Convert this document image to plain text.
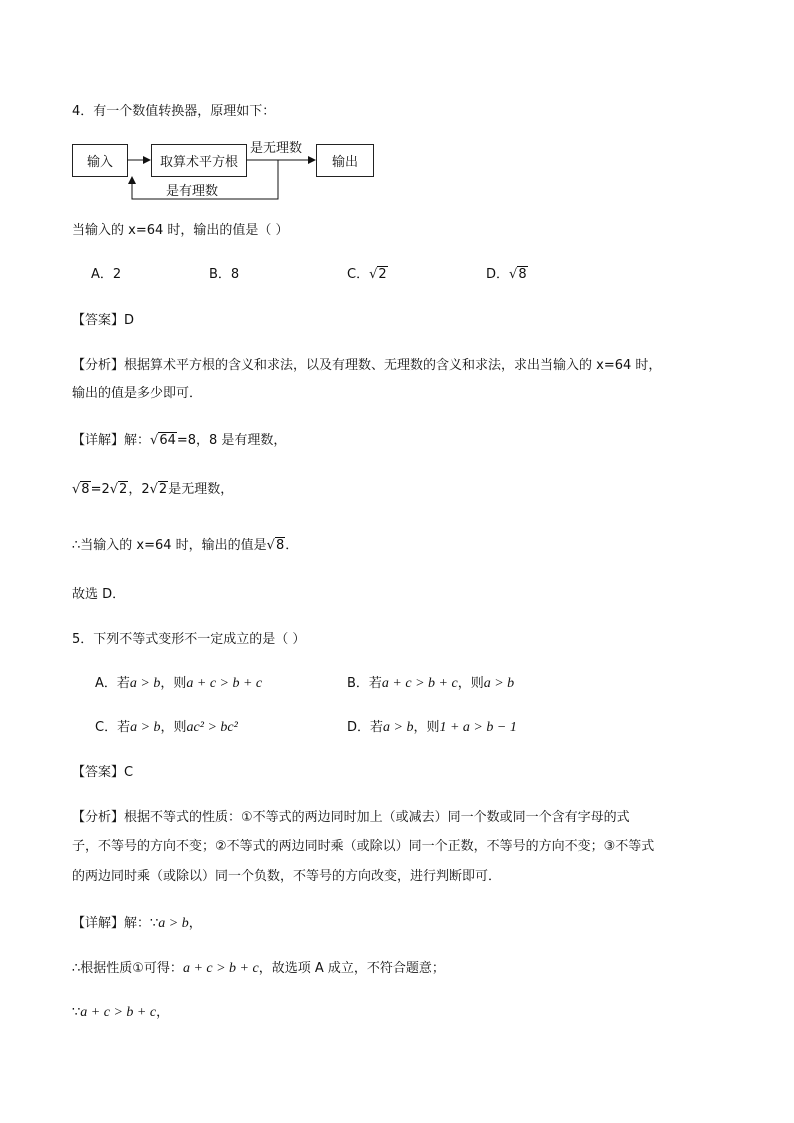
4．有一个数值转换器，原理如下：
输入	取算术平方根	输出
是无理数
是有理数
当输入的 x=64 时，输出的值是（ ）
A．2	B．8	C．√2	D．√8
【答案】D
【分析】根据算术平方根的含义和求法，以及有理数、无理数的含义和求法，求出当输入的 x=64 时，
输出的值是多少即可．
【详解】解：√64=8，8 是有理数，
√8=2√2，2√2是无理数，
∴当输入的 x=64 时，输出的值是√8．
故选 D．
5．下列不等式变形不一定成立的是（ ）
A．若a > b，则a + c > b + c	B．若a + c > b + c，则a > b
C．若a > b，则ac² > bc²	D．若a > b，则1 + a > b − 1
【答案】C
【分析】根据不等式的性质：①不等式的两边同时加上（或减去）同一个数或同一个含有字母的式
子，不等号的方向不变；②不等式的两边同时乘（或除以）同一个正数，不等号的方向不变；③不等式
的两边同时乘（或除以）同一个负数，不等号的方向改变，进行判断即可．
【详解】解：∵a > b，
∴根据性质①可得：a + c > b + c，故选项 A 成立，不符合题意；
∵a + c > b + c，
